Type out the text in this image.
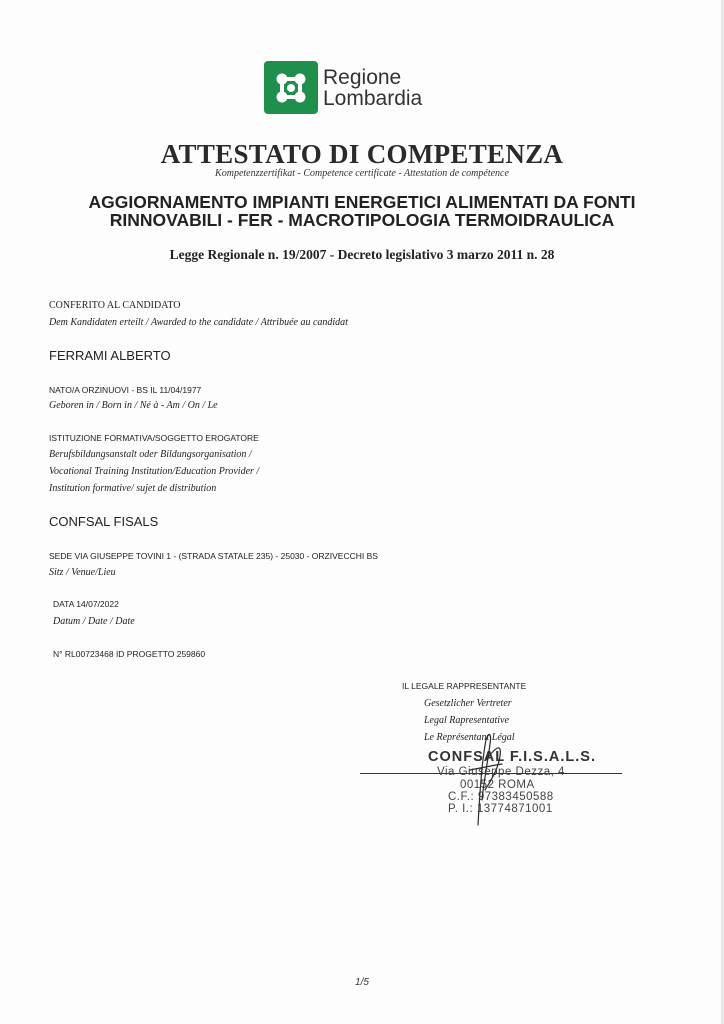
Regione
Lombardia
ATTESTATO DI COMPETENZA
Kompetenzzertifikat - Competence certificate - Attestation de compétence
AGGIORNAMENTO IMPIANTI ENERGETICI ALIMENTATI DA FONTI
RINNOVABILI - FER - MACROTIPOLOGIA TERMOIDRAULICA
Legge Regionale n. 19/2007 - Decreto legislativo 3 marzo 2011 n. 28
CONFERITO AL CANDIDATO
Dem Kandidaten erteilt / Awarded to the candidate / Attribuée au candidat
FERRAMI ALBERTO
NATO/A ORZINUOVI - BS IL 11/04/1977
Geboren in / Born in / Né à - Am / On / Le
ISTITUZIONE FORMATIVA/SOGGETTO EROGATORE
Berufsbildungsanstalt oder Bildungsorganisation /
Vocational Training Institution/Education Provider /
Institution formative/ sujet de distribution
CONFSAL FISALS
SEDE VIA GIUSEPPE TOVINI 1 - (STRADA STATALE 235) - 25030 - ORZIVECCHI BS
Sitz / Venue/Lieu
DATA 14/07/2022
Datum / Date / Date
N° RL00723468 ID PROGETTO 259860
IL LEGALE RAPPRESENTANTE
Gesetzlicher Vertreter
Legal Rapresentative
Le Représentant Légal
CONFSAL F.I.S.A.L.S.
Via Giuseppe Dezza, 4
00152 ROMA
C.F.: 97383450588
P. I.: 13774871001
1/5
